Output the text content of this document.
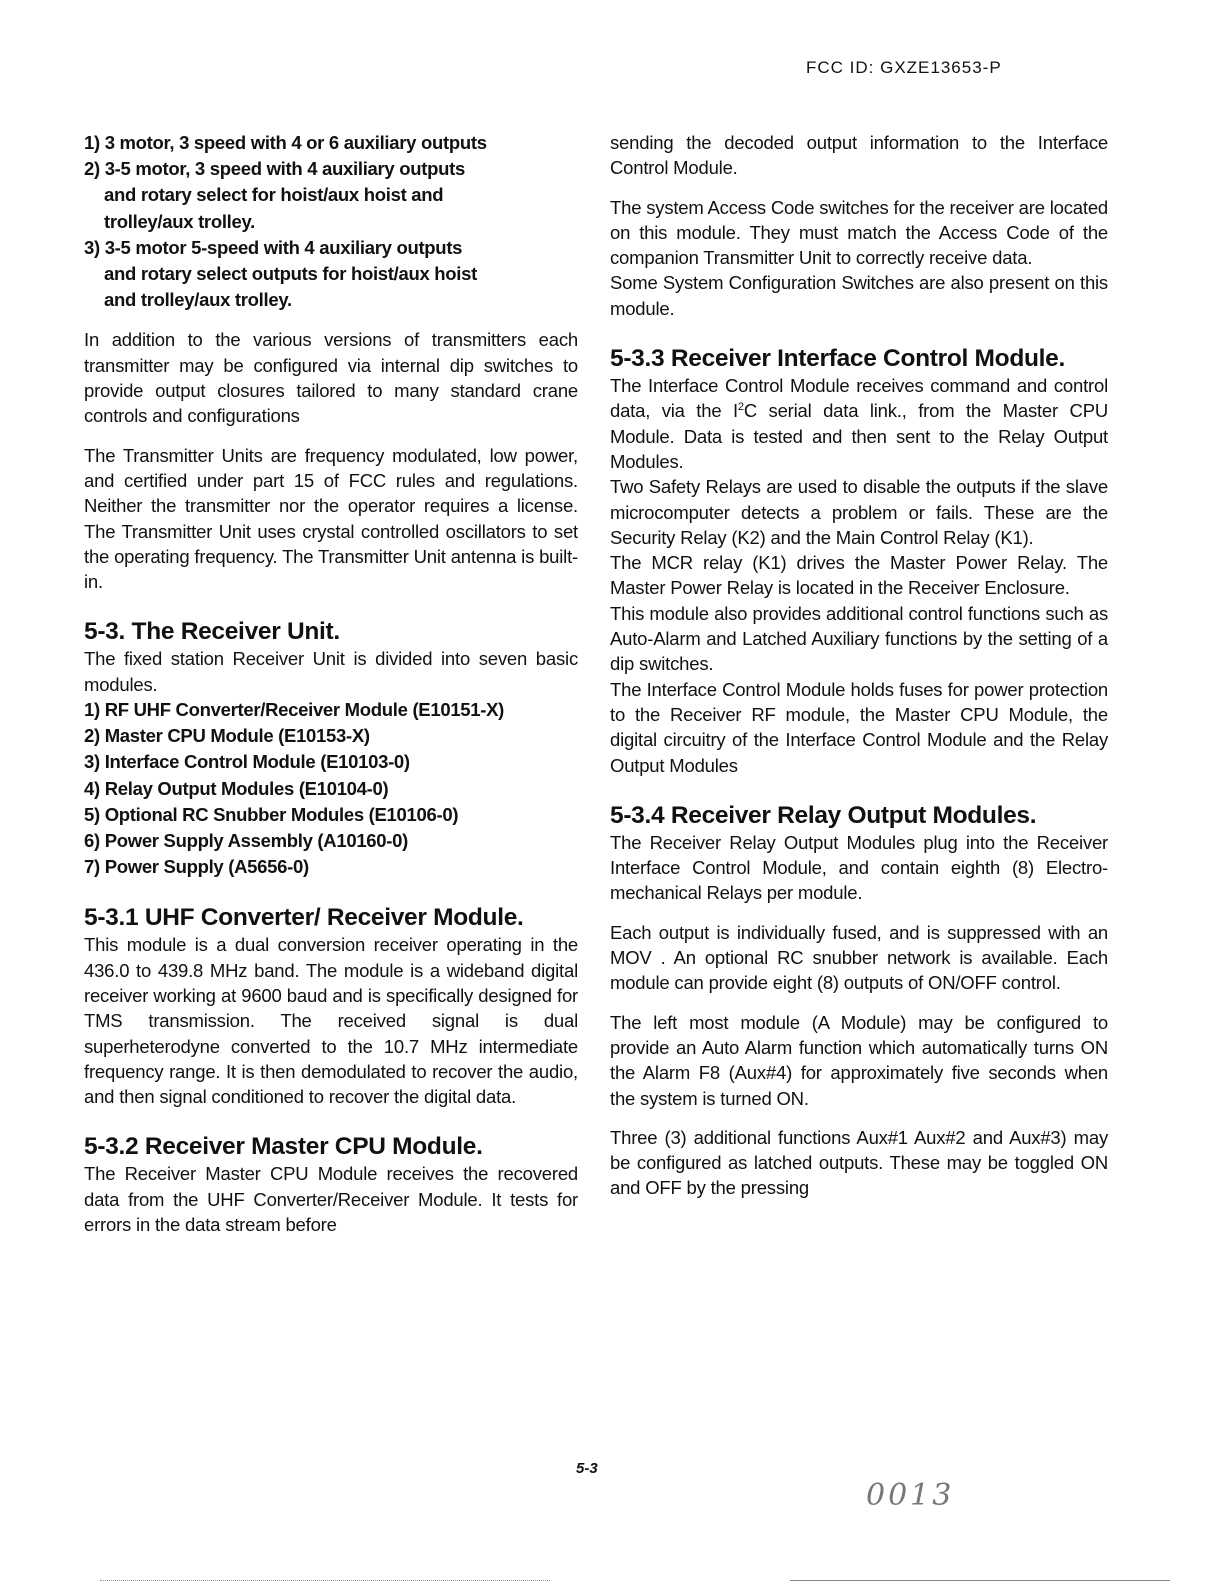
FCC ID: GXZE13653-P
1) 3 motor, 3 speed with 4 or 6 auxiliary outputs
2) 3-5 motor, 3 speed with 4 auxiliary outputs and rotary select for hoist/aux hoist and trolley/aux trolley.
3) 3-5 motor 5-speed with 4 auxiliary outputs and rotary select outputs for hoist/aux hoist and trolley/aux trolley.

In addition to the various versions of transmitters each transmitter may be configured via internal dip switches to provide output closures tailored to many standard crane controls and configurations

The Transmitter Units are frequency modulated, low power, and certified under part 15 of FCC rules and regulations. Neither the transmitter nor the operator requires a license. The Transmitter Unit uses crystal controlled oscillators to set the operating frequency. The Transmitter Unit antenna is built-in.

5-3. The Receiver Unit.

The fixed station Receiver Unit is divided into seven basic modules.

1) RF UHF Converter/Receiver Module (E10151-X)
2) Master CPU Module (E10153-X)
3) Interface Control Module (E10103-0)
4) Relay Output Modules (E10104-0)
5) Optional RC Snubber Modules (E10106-0)
6) Power Supply Assembly (A10160-0)
7) Power Supply (A5656-0)
5-3.1 UHF Converter/ Receiver Module.

This module is a dual conversion receiver operating in the 436.0 to 439.8 MHz band. The module is a wideband digital receiver working at 9600 baud and is specifically designed for TMS transmission. The received signal is dual superheterodyne converted to the 10.7 MHz intermediate frequency range. It is then demodulated to recover the audio, and then signal conditioned to recover the digital data.

5-3.2 Receiver Master CPU Module.

The Receiver Master CPU Module receives the recovered data from the UHF Converter/Receiver Module. It tests for errors in the data stream before

sending the decoded output information to the Interface Control Module.

The system Access Code switches for the receiver are located on this module. They must match the Access Code of the companion Transmitter Unit to correctly receive data.

Some System Configuration Switches are also present on this module.

5-3.3 Receiver Interface Control Module.

The Interface Control Module receives command and control data, via the $I^2C$ serial data link., from the Master CPU Module. Data is tested and then sent to the Relay Output Modules.

Two Safety Relays are used to disable the outputs if the slave microcomputer detects a problem or fails. These are the Security Relay (K2) and the Main Control Relay (K1).

The MCR relay (K1) drives the Master Power Relay. The Master Power Relay is located in the Receiver Enclosure.

This module also provides additional control functions such as Auto-Alarm and Latched Auxiliary functions by the setting of a dip switches.

The Interface Control Module holds fuses for power protection to the Receiver RF module, the Master CPU Module, the digital circuitry of the Interface Control Module and the Relay Output Modules

5-3.4 Receiver Relay Output Modules.

The Receiver Relay Output Modules plug into the Receiver Interface Control Module, and contain eighth (8) Electro-mechanical Relays per module.

Each output is individually fused, and is suppressed with an MOV . An optional RC snubber network is available. Each module can provide eight (8) outputs of ON/OFF control.

The left most module (A Module) may be configured to provide an Auto Alarm function which automatically turns ON the Alarm F8 (Aux#4) for approximately five seconds when the system is turned ON.

Three (3) additional functions Aux#1 Aux#2 and Aux#3) may be configured as latched outputs. These may be toggled ON and OFF by the pressing

5-3
0013
